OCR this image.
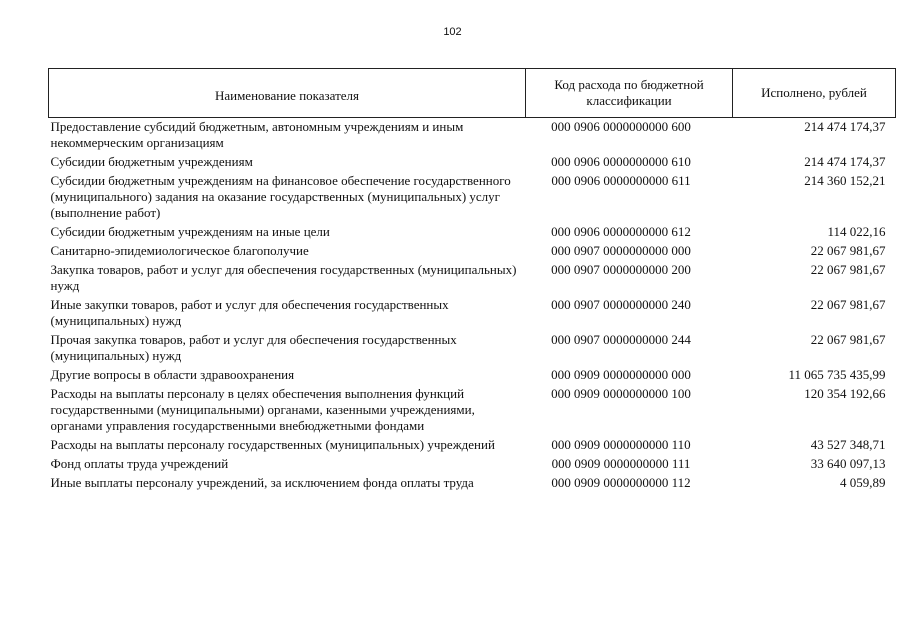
102
Наименование показателя	Код расхода по бюджетной классификации	Исполнено, рублей
Предоставление субсидий бюджетным, автономным учреждениям и иным некоммерческим организациям	000 0906 0000000000 600	214 474 174,37
Субсидии бюджетным учреждениям	000 0906 0000000000 610	214 474 174,37
Субсидии бюджетным учреждениям на финансовое обеспечение государственного (муниципального) задания на оказание государственных (муниципальных) услуг (выполнение работ)	000 0906 0000000000 611	214 360 152,21
Субсидии бюджетным учреждениям на иные цели	000 0906 0000000000 612	114 022,16
Санитарно-эпидемиологическое благополучие	000 0907 0000000000 000	22 067 981,67
Закупка товаров, работ и услуг для обеспечения государственных (муниципальных) нужд	000 0907 0000000000 200	22 067 981,67
Иные закупки товаров, работ и услуг для обеспечения государственных (муниципальных) нужд	000 0907 0000000000 240	22 067 981,67
Прочая закупка товаров, работ и услуг для обеспечения государственных (муниципальных) нужд	000 0907 0000000000 244	22 067 981,67
Другие вопросы в области здравоохранения	000 0909 0000000000 000	11 065 735 435,99
Расходы на выплаты персоналу в целях обеспечения выполнения функций государственными (муниципальными) органами, казенными учреждениями, органами управления государственными внебюджетными фондами	000 0909 0000000000 100	120 354 192,66
Расходы на выплаты персоналу государственных (муниципальных) учреждений	000 0909 0000000000 110	43 527 348,71
Фонд оплаты труда учреждений	000 0909 0000000000 111	33 640 097,13
Иные выплаты персоналу учреждений, за исключением фонда оплаты труда	000 0909 0000000000 112	4 059,89
